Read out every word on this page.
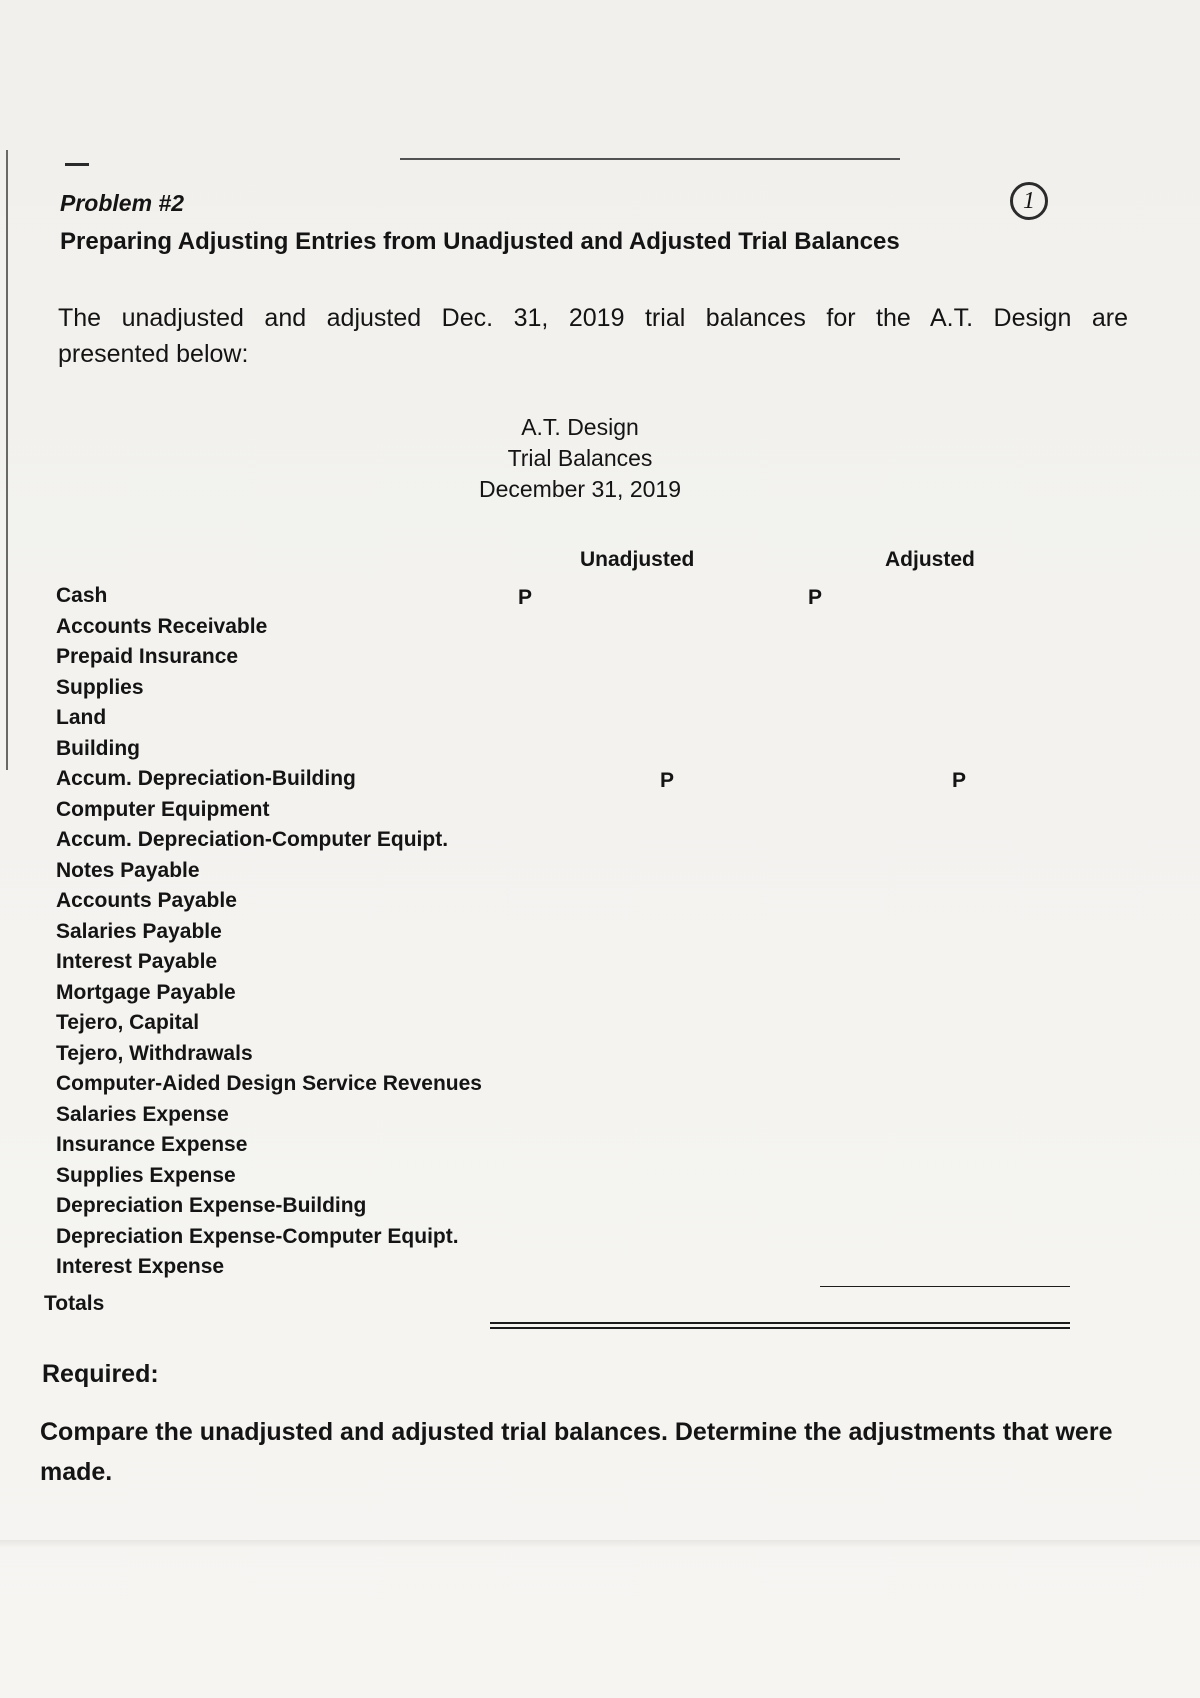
1
Problem #2
Preparing Adjusting Entries from Unadjusted and Adjusted Trial Balances
The unadjusted and adjusted Dec. 31, 2019 trial balances for the A.T. Design are
presented below:
A.T. Design
Trial Balances
December 31, 2019
Unadjusted	Adjusted
Cash	P	P
Accounts Receivable
Prepaid Insurance
Supplies
Land
Building
Accum. Depreciation-Building	P	P
Computer Equipment
Accum. Depreciation-Computer Equipt.
Notes Payable
Accounts Payable
Salaries Payable
Interest Payable
Mortgage Payable
Tejero, Capital
Tejero, Withdrawals
Computer-Aided Design Service Revenues
Salaries Expense
Insurance Expense
Supplies Expense
Depreciation Expense-Building
Depreciation Expense-Computer Equipt.
Interest Expense
Totals
Required:
Compare the unadjusted and adjusted trial balances. Determine the adjustments that were made.
